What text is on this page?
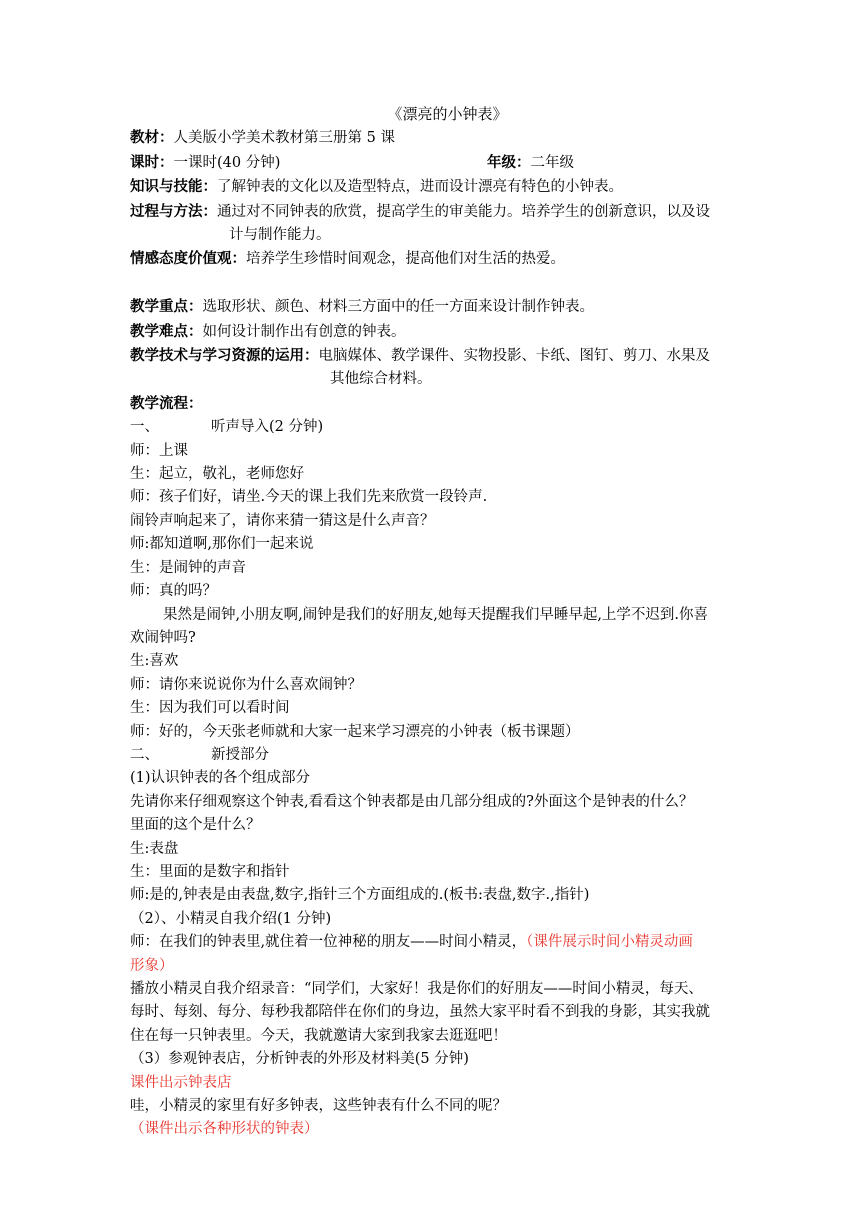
《漂亮的小钟表》
教材：人美版小学美术教材第三册第 5 课
课时：一课时(40 分钟)	年级：二年级
知识与技能：了解钟表的文化以及造型特点，进而设计漂亮有特色的小钟表。
过程与方法：通过对不同钟表的欣赏，提高学生的审美能力。培养学生的创新意识，以及设
计与制作能力。
情感态度价值观：培养学生珍惜时间观念，提高他们对生活的热爱。
教学重点：选取形状、颜色、材料三方面中的任一方面来设计制作钟表。
教学难点：如何设计制作出有创意的钟表。
教学技术与学习资源的运用：电脑媒体、教学课件、实物投影、卡纸、图钉、剪刀、水果及
其他综合材料。
教学流程：
一、	听声导入(2 分钟)
师：上课
生：起立，敬礼，老师您好
师：孩子们好，请坐.今天的课上我们先来欣赏一段铃声.
闹铃声响起来了，请你来猜一猜这是什么声音？
师:都知道啊,那你们一起来说
生：是闹钟的声音
师：真的吗？
果然是闹钟,小朋友啊,闹钟是我们的好朋友,她每天提醒我们早睡早起,上学不迟到.你喜
欢闹钟吗?
生:喜欢
师：请你来说说你为什么喜欢闹钟？
生：因为我们可以看时间
师：好的，今天张老师就和大家一起来学习漂亮的小钟表（板书课题）
二、	新授部分
(1)认识钟表的各个组成部分
先请你来仔细观察这个钟表,看看这个钟表都是由几部分组成的?外面这个是钟表的什么？
里面的这个是什么？
生:表盘
生：里面的是数字和指针
师:是的,钟表是由表盘,数字,指针三个方面组成的.(板书:表盘,数字.,指针)
（2）、小精灵自我介绍(1 分钟)
师：在我们的钟表里,就住着一位神秘的朋友——时间小精灵，（课件展示时间小精灵动画
形象）
播放小精灵自我介绍录音：“同学们，大家好！我是你们的好朋友——时间小精灵，每天、
每时、每刻、每分、每秒我都陪伴在你们的身边，虽然大家平时看不到我的身影，其实我就
住在每一只钟表里。今天，我就邀请大家到我家去逛逛吧！
（3）参观钟表店，分析钟表的外形及材料美(5 分钟)
课件出示钟表店
哇，小精灵的家里有好多钟表，这些钟表有什么不同的呢？
（课件出示各种形状的钟表）
